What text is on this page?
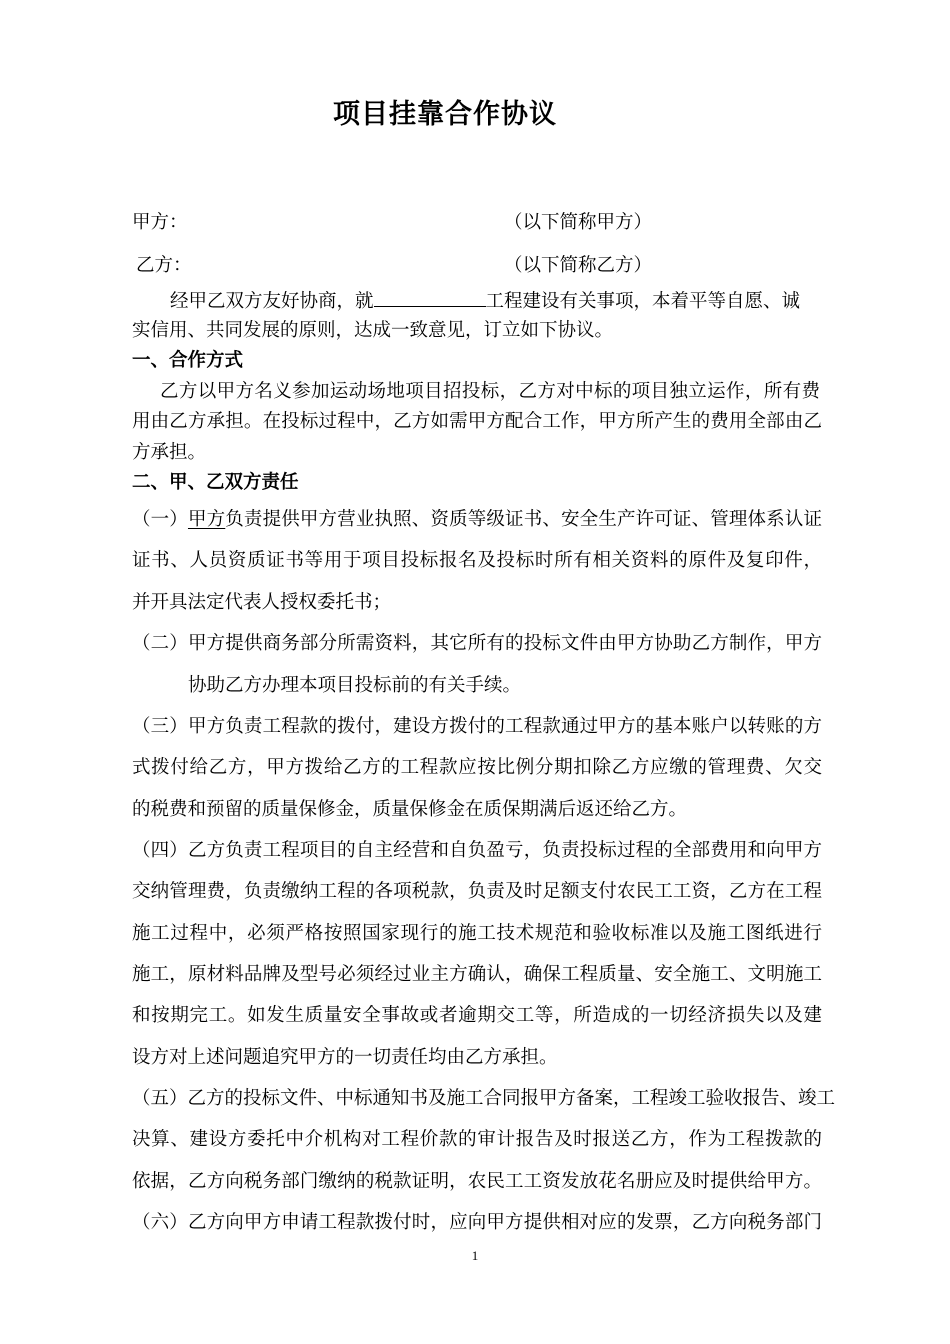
项目挂靠合作协议
甲方：	（以下简称甲方）
乙方：	（以下简称乙方）
经甲乙双方友好协商，就	工程建设有关事项，本着平等自愿、诚
实信用、共同发展的原则，达成一致意见，订立如下协议。
一、合作方式
乙方以甲方名义参加运动场地项目招投标，乙方对中标的项目独立运作，所有费
用由乙方承担。在投标过程中，乙方如需甲方配合工作，甲方所产生的费用全部由乙
方承担。
二、甲、乙双方责任
（一）甲方负责提供甲方营业执照、资质等级证书、安全生产许可证、管理体系认证
证书、人员资质证书等用于项目投标报名及投标时所有相关资料的原件及复印件，
并开具法定代表人授权委托书；
（二）甲方提供商务部分所需资料，其它所有的投标文件由甲方协助乙方制作，甲方
协助乙方办理本项目投标前的有关手续。
（三）甲方负责工程款的拨付，建设方拨付的工程款通过甲方的基本账户以转账的方
式拨付给乙方，甲方拨给乙方的工程款应按比例分期扣除乙方应缴的管理费、欠交
的税费和预留的质量保修金，质量保修金在质保期满后返还给乙方。
（四）乙方负责工程项目的自主经营和自负盈亏，负责投标过程的全部费用和向甲方
交纳管理费，负责缴纳工程的各项税款，负责及时足额支付农民工工资，乙方在工程
施工过程中，必须严格按照国家现行的施工技术规范和验收标准以及施工图纸进行
施工，原材料品牌及型号必须经过业主方确认，确保工程质量、安全施工、文明施工
和按期完工。如发生质量安全事故或者逾期交工等，所造成的一切经济损失以及建
设方对上述问题追究甲方的一切责任均由乙方承担。
（五）乙方的投标文件、中标通知书及施工合同报甲方备案，工程竣工验收报告、竣工
决算、建设方委托中介机构对工程价款的审计报告及时报送乙方，作为工程拨款的
依据，乙方向税务部门缴纳的税款证明，农民工工资发放花名册应及时提供给甲方。
（六）乙方向甲方申请工程款拨付时，应向甲方提供相对应的发票，乙方向税务部门
1
